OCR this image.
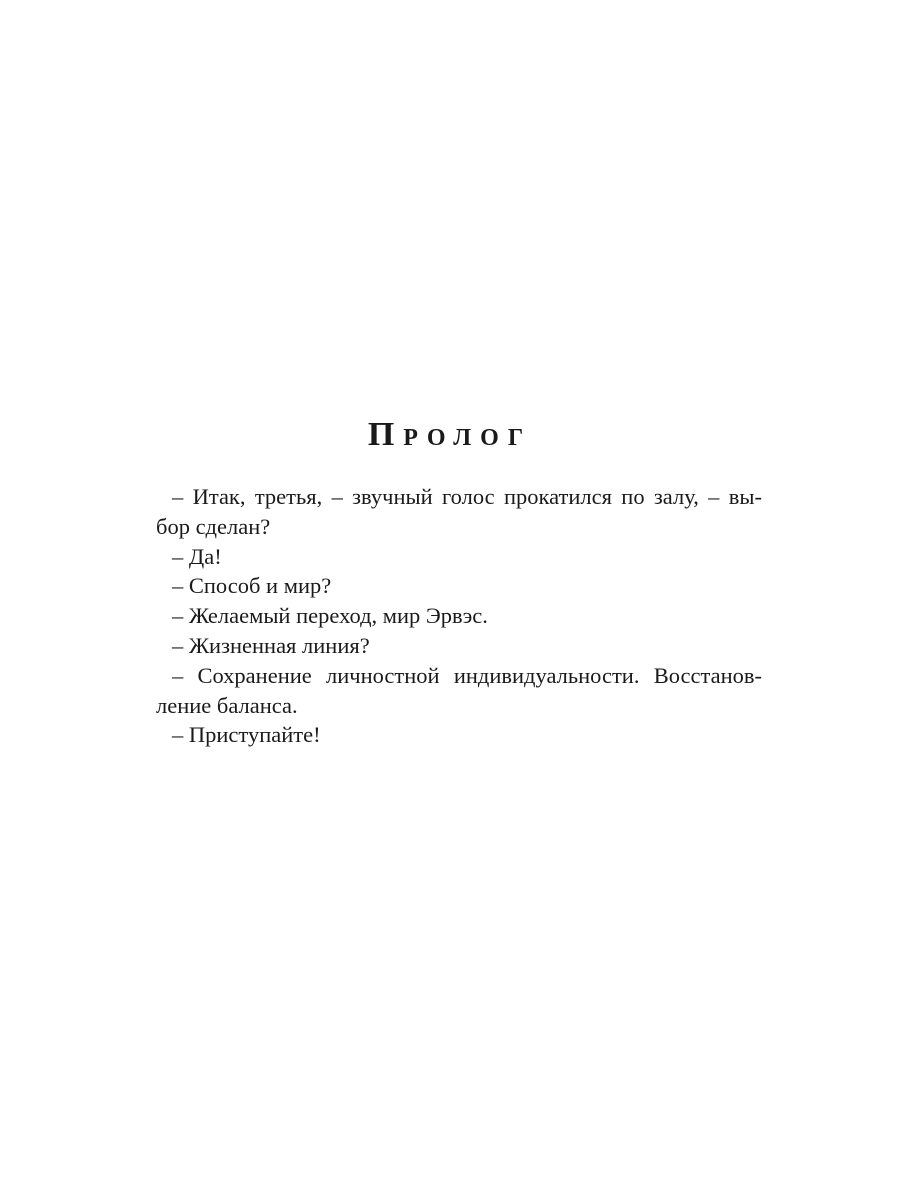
Пролог
– Итак, третья, – звучный голос прокатился по залу, – вы-
бор сделан?
– Да!
– Способ и мир?
– Желаемый переход, мир Эрвэс.
– Жизненная линия?
– Сохранение личностной индивидуальности. Восстанов-
ление баланса.
– Приступайте!
